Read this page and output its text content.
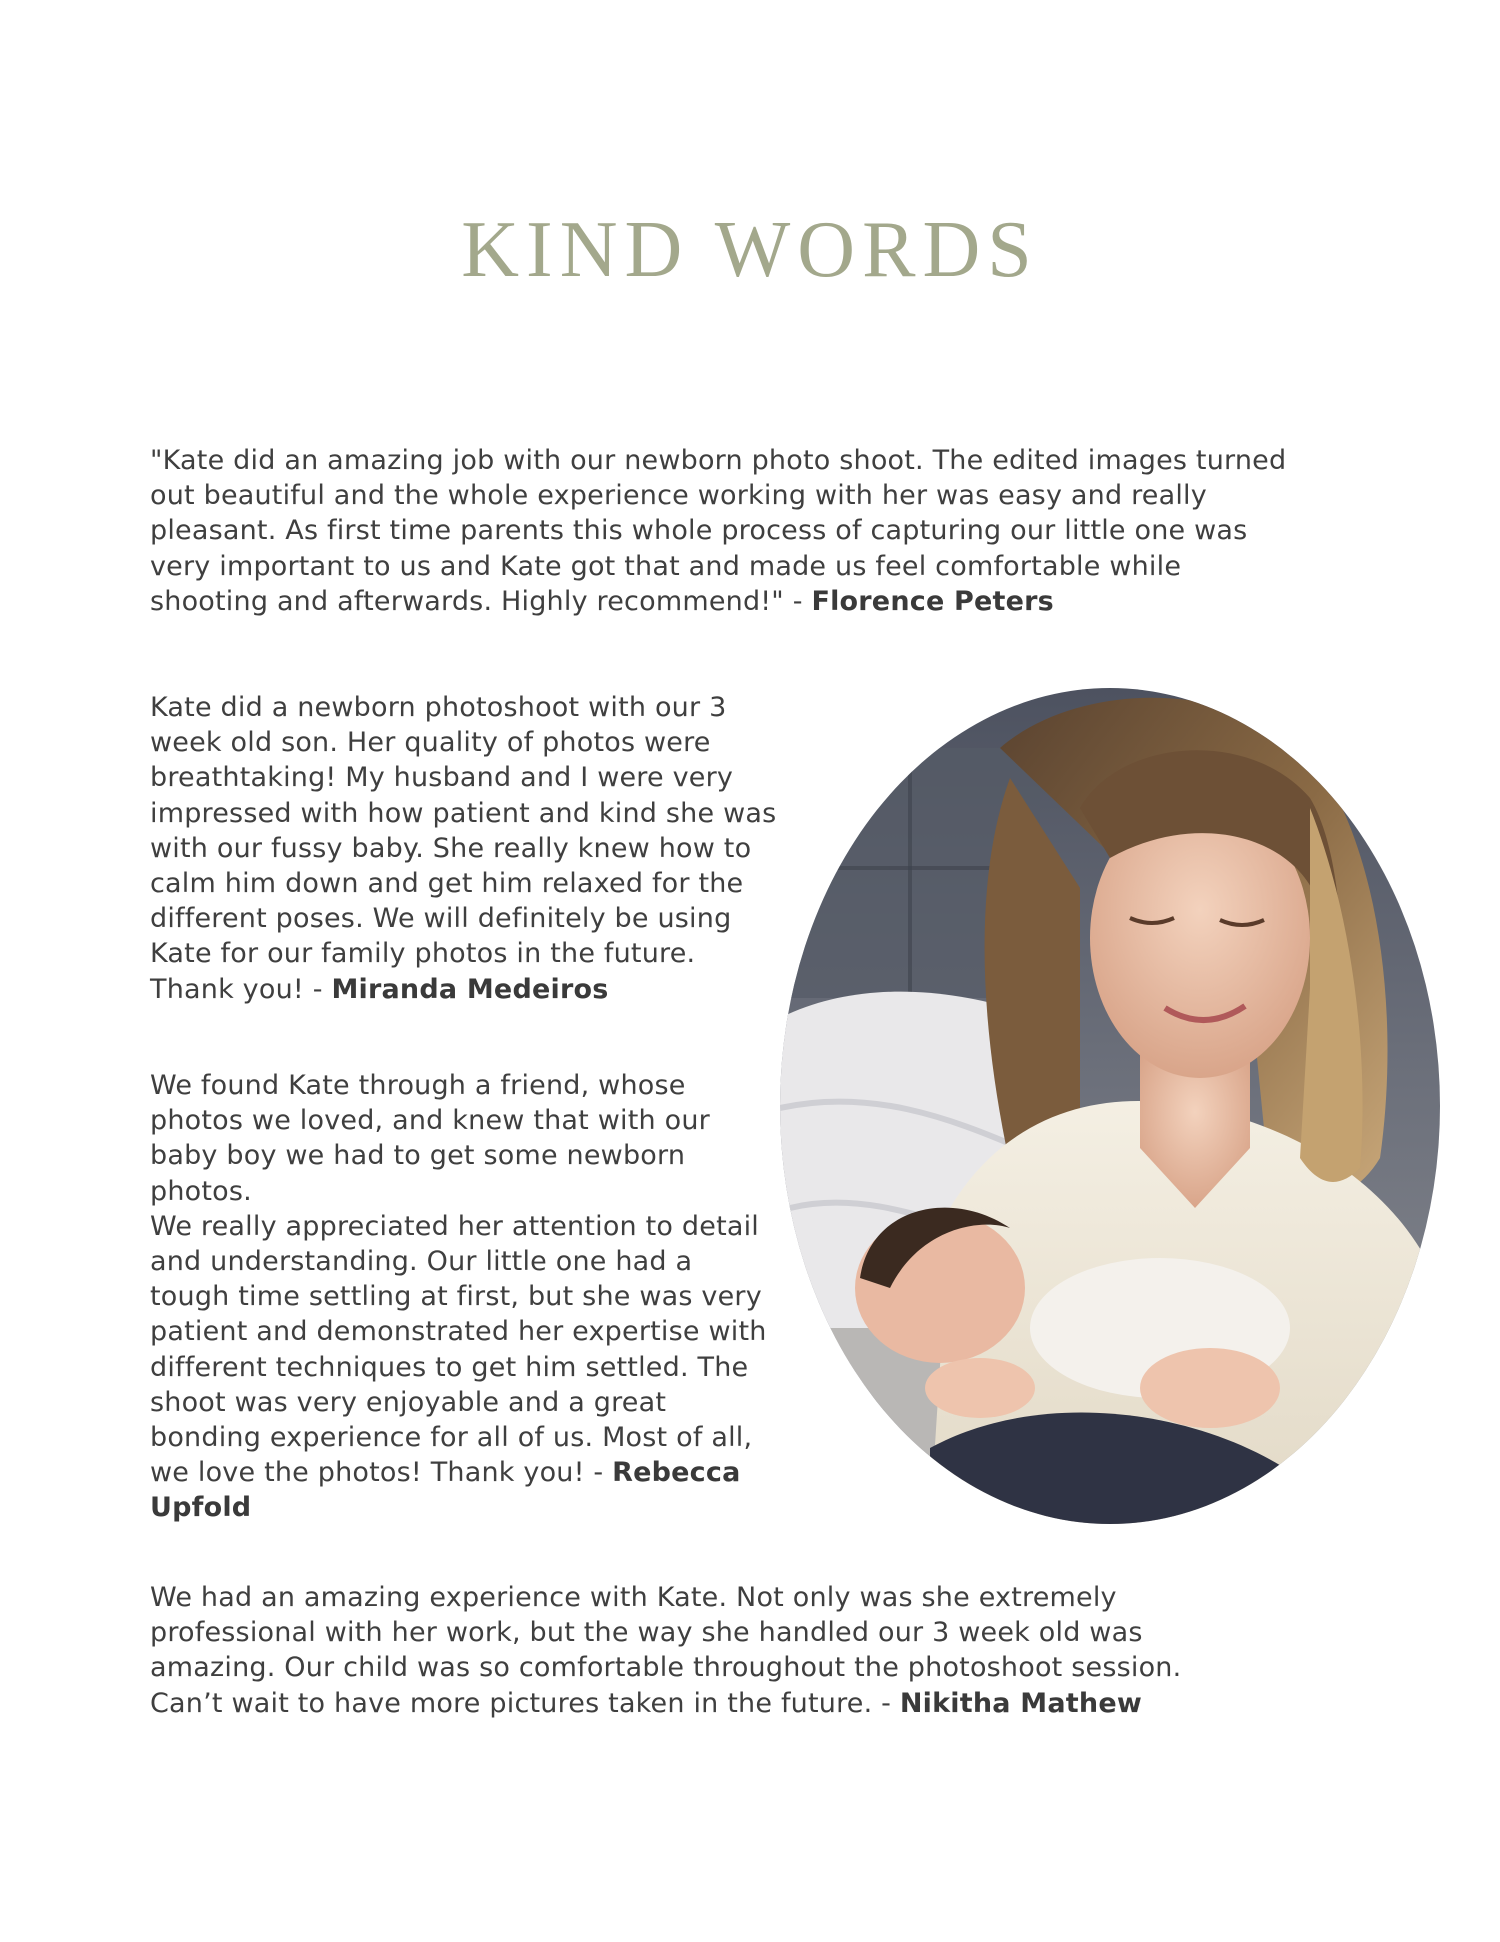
KIND WORDS

"Kate did an amazing job with our newborn photo shoot. The edited images turned out beautiful and the whole experience working with her was easy and really pleasant. As first time parents this whole process of capturing our little one was very important to us and Kate got that and made us feel comfortable while shooting and afterwards. Highly recommend!" - Florence Peters

Kate did a newborn photoshoot with our 3 week old son. Her quality of photos were breathtaking! My husband and I were very impressed with how patient and kind she was with our fussy baby. She really knew how to calm him down and get him relaxed for the different poses. We will definitely be using Kate for our family photos in the future. Thank you! - Miranda Medeiros

We found Kate through a friend, whose photos we loved, and knew that with our baby boy we had to get some newborn photos.
We really appreciated her attention to detail and understanding. Our little one had a tough time settling at first, but she was very patient and demonstrated her expertise with different techniques to get him settled. The shoot was very enjoyable and a great bonding experience for all of us. Most of all, we love the photos! Thank you! - Rebecca Upfold

We had an amazing experience with Kate. Not only was she extremely professional with her work, but the way she handled our 3 week old was amazing. Our child was so comfortable throughout the photoshoot session. Can’t wait to have more pictures taken in the future. - Nikitha Mathew
